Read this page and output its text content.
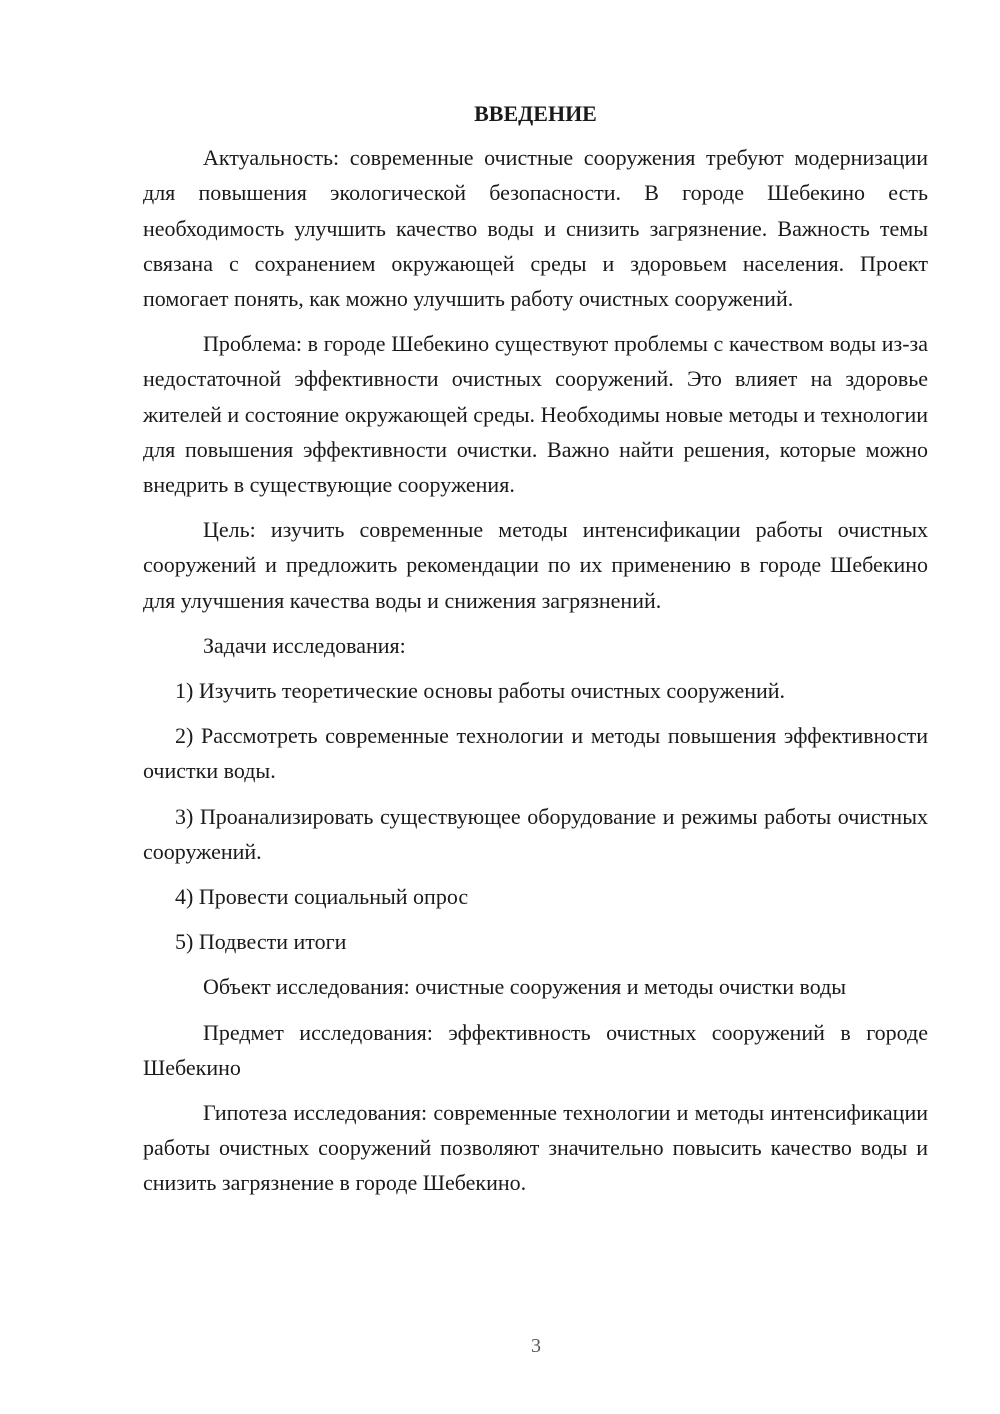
ВВЕДЕНИЕ

Актуальность: современные очистные сооружения требуют модернизации для повышения экологической безопасности. В городе Шебекино есть необходимость улучшить качество воды и снизить загрязнение. Важность темы связана с сохранением окружающей среды и здоровьем населения. Проект помогает понять, как можно улучшить работу очистных сооружений.

Проблема: в городе Шебекино существуют проблемы с качеством воды из-за недостаточной эффективности очистных сооружений. Это влияет на здоровье жителей и состояние окружающей среды. Необходимы новые методы и технологии для повышения эффективности очистки. Важно найти решения, которые можно внедрить в существующие сооружения.

Цель: изучить современные методы интенсификации работы очистных сооружений и предложить рекомендации по их применению в городе Шебекино для улучшения качества воды и снижения загрязнений.

Задачи исследования:

1) Изучить теоретические основы работы очистных сооружений.

2) Рассмотреть современные технологии и методы повышения эффективности очистки воды.

3) Проанализировать существующее оборудование и режимы работы очистных сооружений.

4) Провести социальный опрос

5) Подвести итоги

Объект исследования: очистные сооружения и методы очистки воды

Предмет исследования: эффективность очистных сооружений в городе Шебекино

Гипотеза исследования: современные технологии и методы интенсификации работы очистных сооружений позволяют значительно повысить качество воды и снизить загрязнение в городе Шебекино.

3
